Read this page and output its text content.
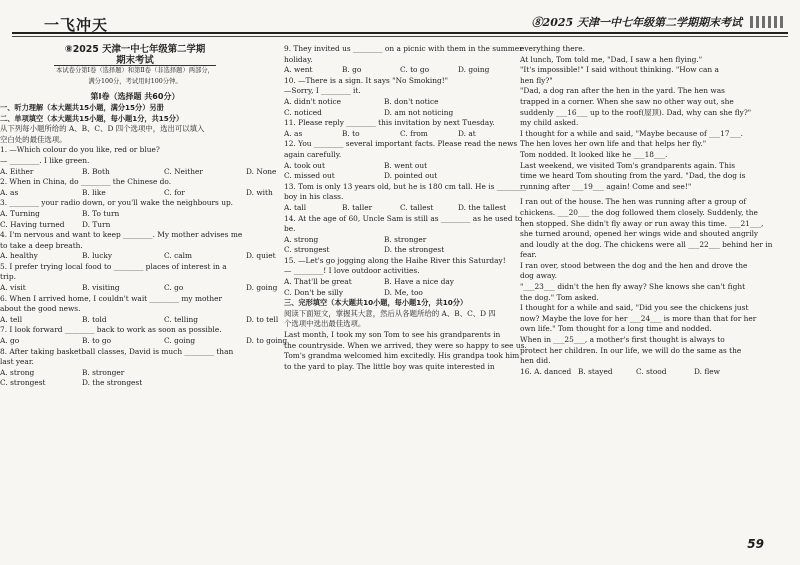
一飞冲天	⑧2025 天津一中七年级第二学期期末考试

⑧2025 天津一中七年级第二学期

期末考试

本试卷分第Ⅰ卷（选择题）和第Ⅱ卷（非选择题）两部分，

满分100分，考试用时100分钟。

第Ⅰ卷（选择题 共60分）

一、听力理解（本大题共15小题，满分15分）另册

二、单项填空（本大题共15小题，每小题1分，共15分）

从下列每小题所给的 A、B、C、D 四个选项中，选出可以填入

空白处的最佳选项。

1. —Which colour do you like, red or blue?

— ________. I like green.

A. Either	B. Both	C. Neither	D. None

2. When in China, do ________ the Chinese do.

A. as	B. like	C. for	D. with

3. ________ your radio down, or you'll wake the neighbours up.

A. Turning	B. To turn

C. Having turned D. Turn

4. I'm nervous and want to keep ________. My mother advises me

to take a deep breath.

A. healthy	B. lucky	C. calm	D. quiet

5. I prefer trying local food to ________ places of interest in a

trip.

A. visit	B. visiting	C. go	D. going

6. When I arrived home, I couldn't wait ________ my mother

about the good news.

A. tell	B. told	C. telling	D. to tell

7. I look forward ________ back to work as soon as possible.

A. go	B. to go	C. going	D. to going

8. After taking basketball classes, David is much ________ than

last year.

A. strong	B. stronger

C. strongest	D. the strongest

9. They invited us ________ on a picnic with them in the summer

holiday.

A. went	B. go	C. to go	D. going

10. —There is a sign. It says "No Smoking!"

—Sorry, I ________ it.

A. didn't notice	B. don't notice

C. noticed	D. am not noticing

11. Please reply ________ this invitation by next Tuesday.

A. as	B. to	C. from	D. at

12. You ________ several important facts. Please read the news

again carefully.

A. took out	B. went out

C. missed out	D. pointed out

13. Tom is only 13 years old, but he is 180 cm tall. He is ________

boy in his class.

A. tall	B. taller	C. tallest	D. the tallest

14. At the age of 60, Uncle Sam is still as ________ as he used to

be.

A. strong	B. stronger

C. strongest	D. the strongest

15. —Let's go jogging along the Haihe River this Saturday!

— ________! I love outdoor activities.

A. That'll be great	B. Have a nice day

C. Don't be silly	D. Me, too

三、完形填空（本大题共10小题，每小题1分，共10分）

阅读下面短文，掌握其大意，然后从各题所给的 A、B、C、D 四

个选项中选出最佳选项。

Last month, I took my son Tom to see his grandparents in

the countryside. When we arrived, they were so happy to see us.

Tom's grandma welcomed him excitedly. His grandpa took him

to the yard to play. The little boy was quite interested in

everything there.

At lunch, Tom told me, "Dad, I saw a hen flying."

"It's impossible!" I said without thinking. "How can a

hen fly?"

"Dad, a dog ran after the hen in the yard. The hen was

trapped in a corner. When she saw no other way out, she

suddenly ___16___ up to the roof(屋顶). Dad, why can she fly?"

my child asked.

I thought for a while and said, "Maybe because of ___17___.

The hen loves her own life and that helps her fly."

Tom nodded. It looked like he ___18___.

Last weekend, we visited Tom's grandparents again. This

time we heard Tom shouting from the yard. "Dad, the dog is

running after ___19___ again! Come and see!"

I ran out of the house. The hen was running after a group of

chickens. ___20___ the dog followed them closely. Suddenly, the

hen stopped. She didn't fly away or run away this time. ___21___,

she turned around, opened her wings wide and shouted angrily

and loudly at the dog. The chickens were all ___22___ behind her in

fear.

I ran over, stood between the dog and the hen and drove the

dog away.

"___23___ didn't the hen fly away? She knows she can't fight

the dog." Tom asked.

I thought for a while and said, "Did you see the chickens just

now? Maybe the love for her ___24___ is more than that for her

own life." Tom thought for a long time and nodded.

When in ___25___, a mother's first thought is always to

protect her children. In our life, we will do the same as the

hen did.

16. A. danced B. stayed	C. stood	D. flew

59
